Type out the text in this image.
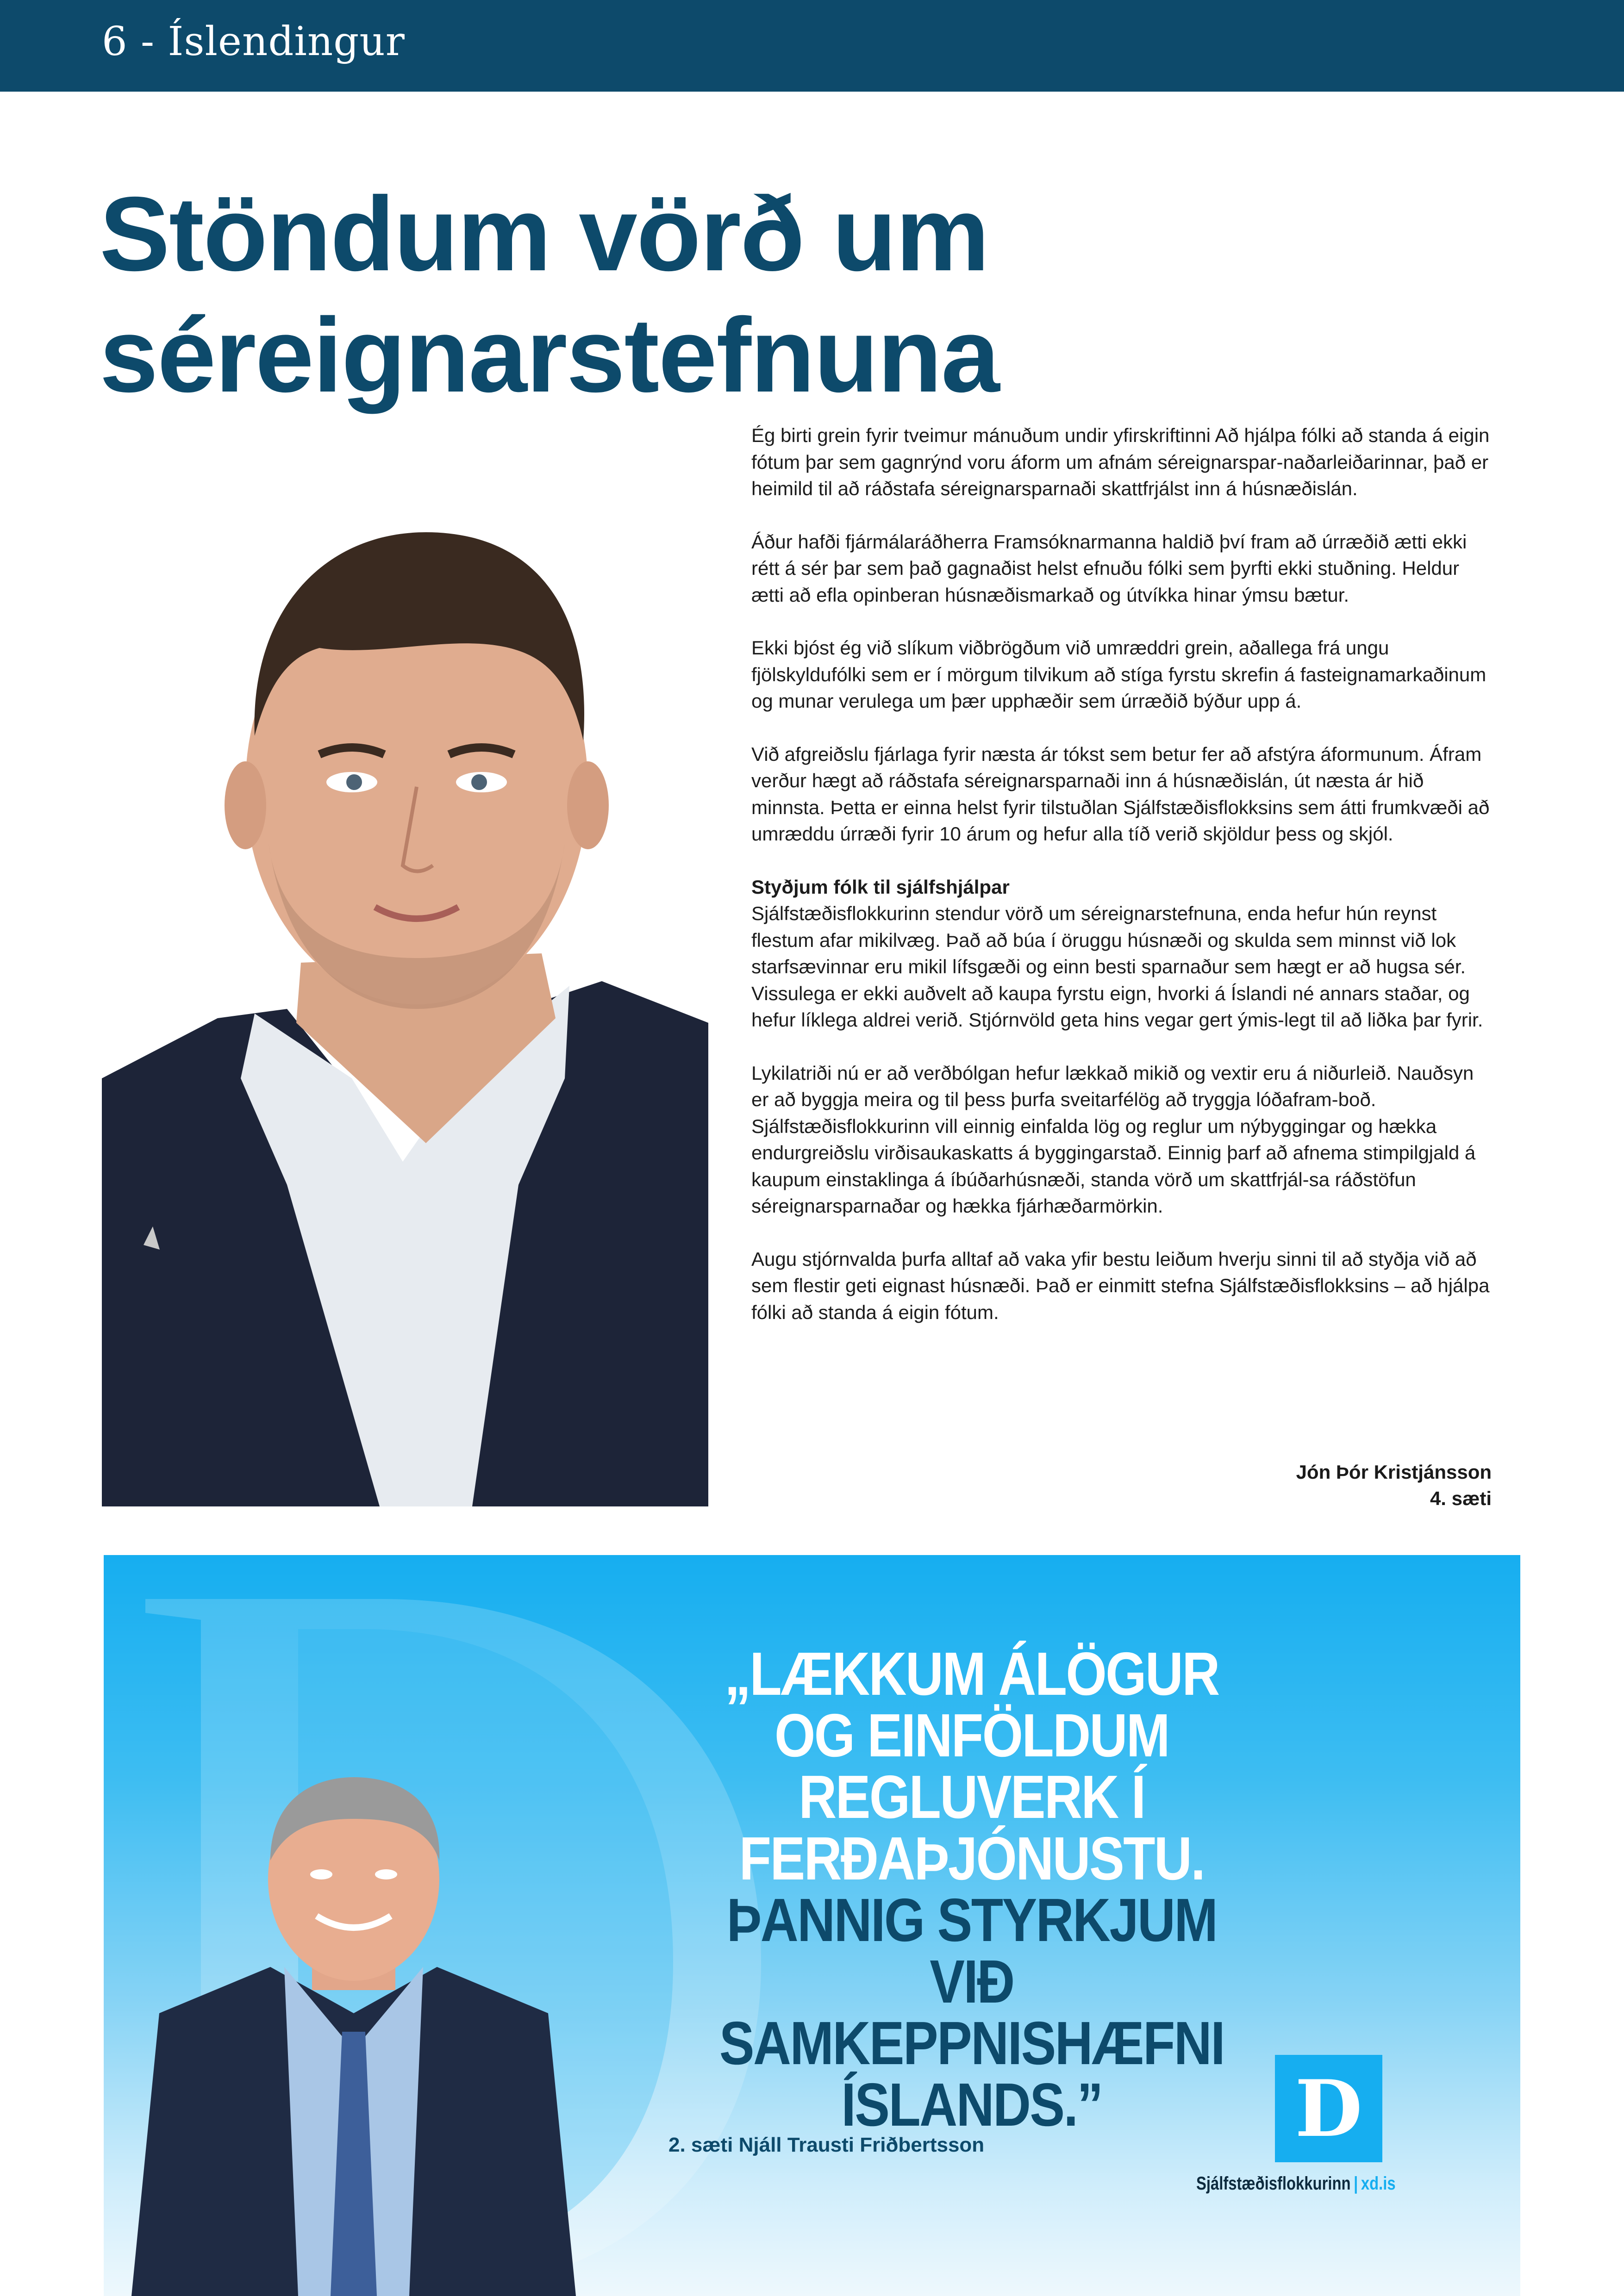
6 - Íslendingur
Stöndum vörð um
séreignarstefnuna

Ég birti grein fyrir tveimur mánuðum undir yfirskriftinni Að hjálpa fólki að standa á eigin fótum þar sem gagnrýnd voru áform um afnám séreignarspar-naðarleiðarinnar, það er heimild til að ráðstafa séreignarsparnaði skattfrjálst inn á húsnæðislán.

Áður hafði fjármálaráðherra Framsóknarmanna haldið því fram að úrræðið ætti ekki rétt á sér þar sem það gagnaðist helst efnuðu fólki sem þyrfti ekki stuðning. Heldur ætti að efla opinberan húsnæðismarkað og útvíkka hinar ýmsu bætur.

Ekki bjóst ég við slíkum viðbrögðum við umræddri grein, aðallega frá ungu fjölskyldufólki sem er í mörgum tilvikum að stíga fyrstu skrefin á fasteignamarkaðinum og munar verulega um þær upphæðir sem úrræðið býður upp á.

Við afgreiðslu fjárlaga fyrir næsta ár tókst sem betur fer að afstýra áformunum. Áfram verður hægt að ráðstafa séreignarsparnaði inn á húsnæðislán, út næsta ár hið minnsta. Þetta er einna helst fyrir tilstuðlan Sjálfstæðisflokksins sem átti frumkvæði að umræddu úrræði fyrir 10 árum og hefur alla tíð verið skjöldur þess og skjól.

Styðjum fólk til sjálfshjálpar
Sjálfstæðisflokkurinn stendur vörð um séreignarstefnuna, enda hefur hún reynst flestum afar mikilvæg. Það að búa í öruggu húsnæði og skulda sem minnst við lok starfsævinnar eru mikil lífsgæði og einn besti sparnaður sem hægt er að hugsa sér. Vissulega er ekki auðvelt að kaupa fyrstu eign, hvorki á Íslandi né annars staðar, og hefur líklega aldrei verið. Stjórnvöld geta hins vegar gert ýmis-legt til að liðka þar fyrir.

Lykilatriði nú er að verðbólgan hefur lækkað mikið og vextir eru á niðurleið. Nauðsyn er að byggja meira og til þess þurfa sveitarfélög að tryggja lóðafram-boð. Sjálfstæðisflokkurinn vill einnig einfalda lög og reglur um nýbyggingar og hækka endurgreiðslu virðisaukaskatts á byggingarstað. Einnig þarf að afnema stimpilgjald á kaupum einstaklinga á íbúðarhúsnæði, standa vörð um skattfrjál-sa ráðstöfun séreignarsparnaðar og hækka fjárhæðarmörkin.

Augu stjórnvalda þurfa alltaf að vaka yfir bestu leiðum hverju sinni til að styðja við að sem flestir geti eignast húsnæði. Það er einmitt stefna Sjálfstæðisflokksins – að hjálpa fólki að standa á eigin fótum.

Jón Þór Kristjánsson
4. sæti
„LÆKKUM ÁLÖGUR
OG EINFÖLDUM
REGLUVERK Í
FERÐAÞJÓNUSTU.
ÞANNIG STYRKJUM VIÐ
SAMKEPPNISHÆFNI
ÍSLANDS.”
2. sæti Njáll Trausti Friðbertsson	D
Sjálfstæðisflokkurinn | xd.is
